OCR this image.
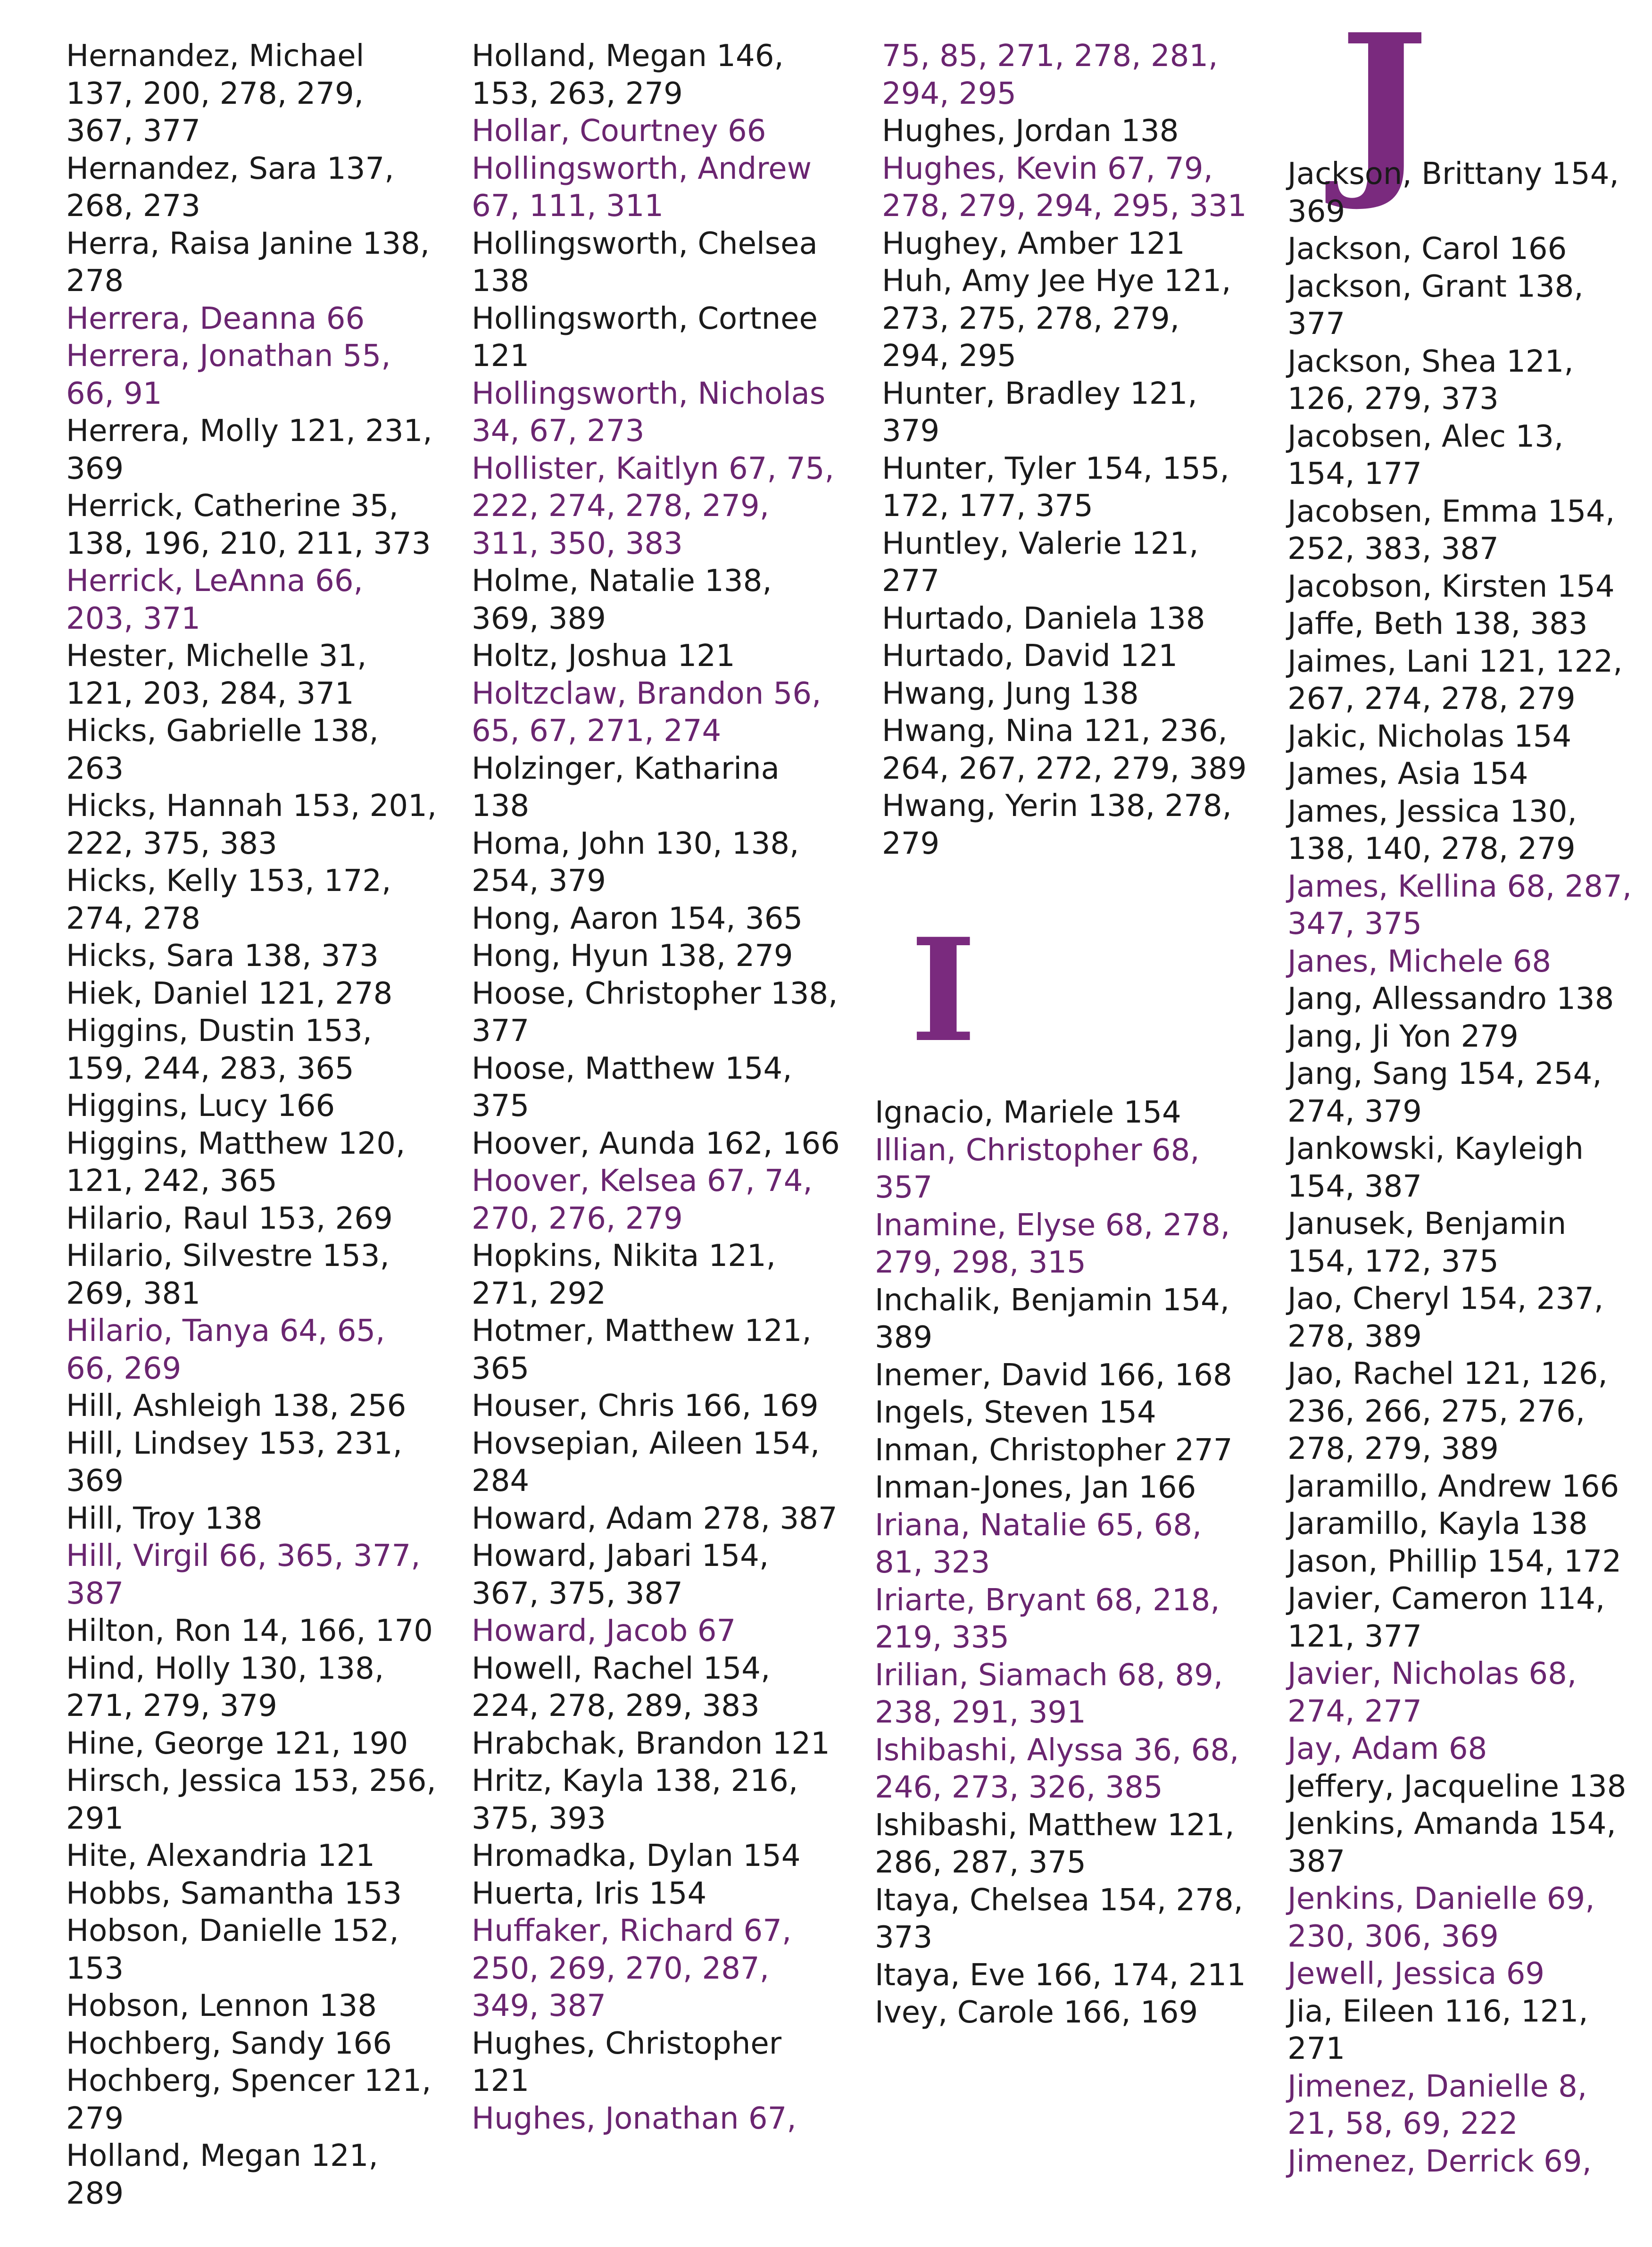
J
I

Hernandez, Michael 137, 200, 278, 279, 367, 377

Hernandez, Sara 137, 268, 273

Herra, Raisa Janine 138, 278

Herrera, Deanna 66

Herrera, Jonathan 55, 66, 91

Herrera, Molly 121, 231, 369

Herrick, Catherine 35, 138, 196, 210, 211, 373

Herrick, LeAnna 66, 203, 371

Hester, Michelle 31, 121, 203, 284, 371

Hicks, Gabrielle 138, 263

Hicks, Hannah 153, 201, 222, 375, 383

Hicks, Kelly 153, 172, 274, 278

Hicks, Sara 138, 373

Hiek, Daniel 121, 278

Higgins, Dustin 153, 159, 244, 283, 365

Higgins, Lucy 166

Higgins, Matthew 120, 121, 242, 365

Hilario, Raul 153, 269

Hilario, Silvestre 153, 269, 381

Hilario, Tanya 64, 65, 66, 269

Hill, Ashleigh 138, 256

Hill, Lindsey 153, 231, 369

Hill, Troy 138

Hill, Virgil 66, 365, 377, 387

Hilton, Ron 14, 166, 170

Hind, Holly 130, 138, 271, 279, 379

Hine, George 121, 190

Hirsch, Jessica 153, 256, 291

Hite, Alexandria 121

Hobbs, Samantha 153

Hobson, Danielle 152, 153

Hobson, Lennon 138

Hochberg, Sandy 166

Hochberg, Spencer 121, 279

Holland, Megan 121, 289

Holland, Megan 146, 153, 263, 279

Hollar, Courtney 66

Hollingsworth, Andrew 67, 111, 311

Hollingsworth, Chelsea 138

Hollingsworth, Cortnee 121

Hollingsworth, Nicholas 34, 67, 273

Hollister, Kaitlyn 67, 75, 222, 274, 278, 279, 311, 350, 383

Holme, Natalie 138, 369, 389

Holtz, Joshua 121

Holtzclaw, Brandon 56, 65, 67, 271, 274

Holzinger, Katharina 138

Homa, John 130, 138, 254, 379

Hong, Aaron 154, 365

Hong, Hyun 138, 279

Hoose, Christopher 138, 377

Hoose, Matthew 154, 375

Hoover, Aunda 162, 166

Hoover, Kelsea 67, 74, 270, 276, 279

Hopkins, Nikita 121, 271, 292

Hotmer, Matthew 121, 365

Houser, Chris 166, 169

Hovsepian, Aileen 154, 284

Howard, Adam 278, 387

Howard, Jabari 154, 367, 375, 387

Howard, Jacob 67

Howell, Rachel 154, 224, 278, 289, 383

Hrabchak, Brandon 121

Hritz, Kayla 138, 216, 375, 393

Hromadka, Dylan 154

Huerta, Iris 154

Huffaker, Richard 67, 250, 269, 270, 287, 349, 387

Hughes, Christopher 121

Hughes, Jonathan 67,

75, 85, 271, 278, 281, 294, 295

Hughes, Jordan 138

Hughes, Kevin 67, 79, 278, 279, 294, 295, 331

Hughey, Amber 121

Huh, Amy Jee Hye 121, 273, 275, 278, 279, 294, 295

Hunter, Bradley 121, 379

Hunter, Tyler 154, 155, 172, 177, 375

Huntley, Valerie 121, 277

Hurtado, Daniela 138

Hurtado, David 121

Hwang, Jung 138

Hwang, Nina 121, 236, 264, 267, 272, 279, 389

Hwang, Yerin 138, 278, 279

Ignacio, Mariele 154

Illian, Christopher 68, 357

Inamine, Elyse 68, 278, 279, 298, 315

Inchalik, Benjamin 154, 389

Inemer, David 166, 168

Ingels, Steven 154

Inman, Christopher 277

Inman-Jones, Jan 166

Iriana, Natalie 65, 68, 81, 323

Iriarte, Bryant 68, 218, 219, 335

Irilian, Siamach 68, 89, 238, 291, 391

Ishibashi, Alyssa 36, 68, 246, 273, 326, 385

Ishibashi, Matthew 121, 286, 287, 375

Itaya, Chelsea 154, 278, 373

Itaya, Eve 166, 174, 211

Ivey, Carole 166, 169

Jackson, Brittany 154, 369

Jackson, Carol 166

Jackson, Grant 138, 377

Jackson, Shea 121, 126, 279, 373

Jacobsen, Alec 13, 154, 177

Jacobsen, Emma 154, 252, 383, 387

Jacobson, Kirsten 154

Jaffe, Beth 138, 383

Jaimes, Lani 121, 122, 267, 274, 278, 279

Jakic, Nicholas 154

James, Asia 154

James, Jessica 130, 138, 140, 278, 279

James, Kellina 68, 287, 347, 375

Janes, Michele 68

Jang, Allessandro 138

Jang, Ji Yon 279

Jang, Sang 154, 254, 274, 379

Jankowski, Kayleigh 154, 387

Janusek, Benjamin 154, 172, 375

Jao, Cheryl 154, 237, 278, 389

Jao, Rachel 121, 126, 236, 266, 275, 276, 278, 279, 389

Jaramillo, Andrew 166

Jaramillo, Kayla 138

Jason, Phillip 154, 172

Javier, Cameron 114, 121, 377

Javier, Nicholas 68, 274, 277

Jay, Adam 68

Jeffery, Jacqueline 138

Jenkins, Amanda 154, 387

Jenkins, Danielle 69, 230, 306, 369

Jewell, Jessica 69

Jia, Eileen 116, 121, 271

Jimenez, Danielle 8, 21, 58, 69, 222

Jimenez, Derrick 69,
